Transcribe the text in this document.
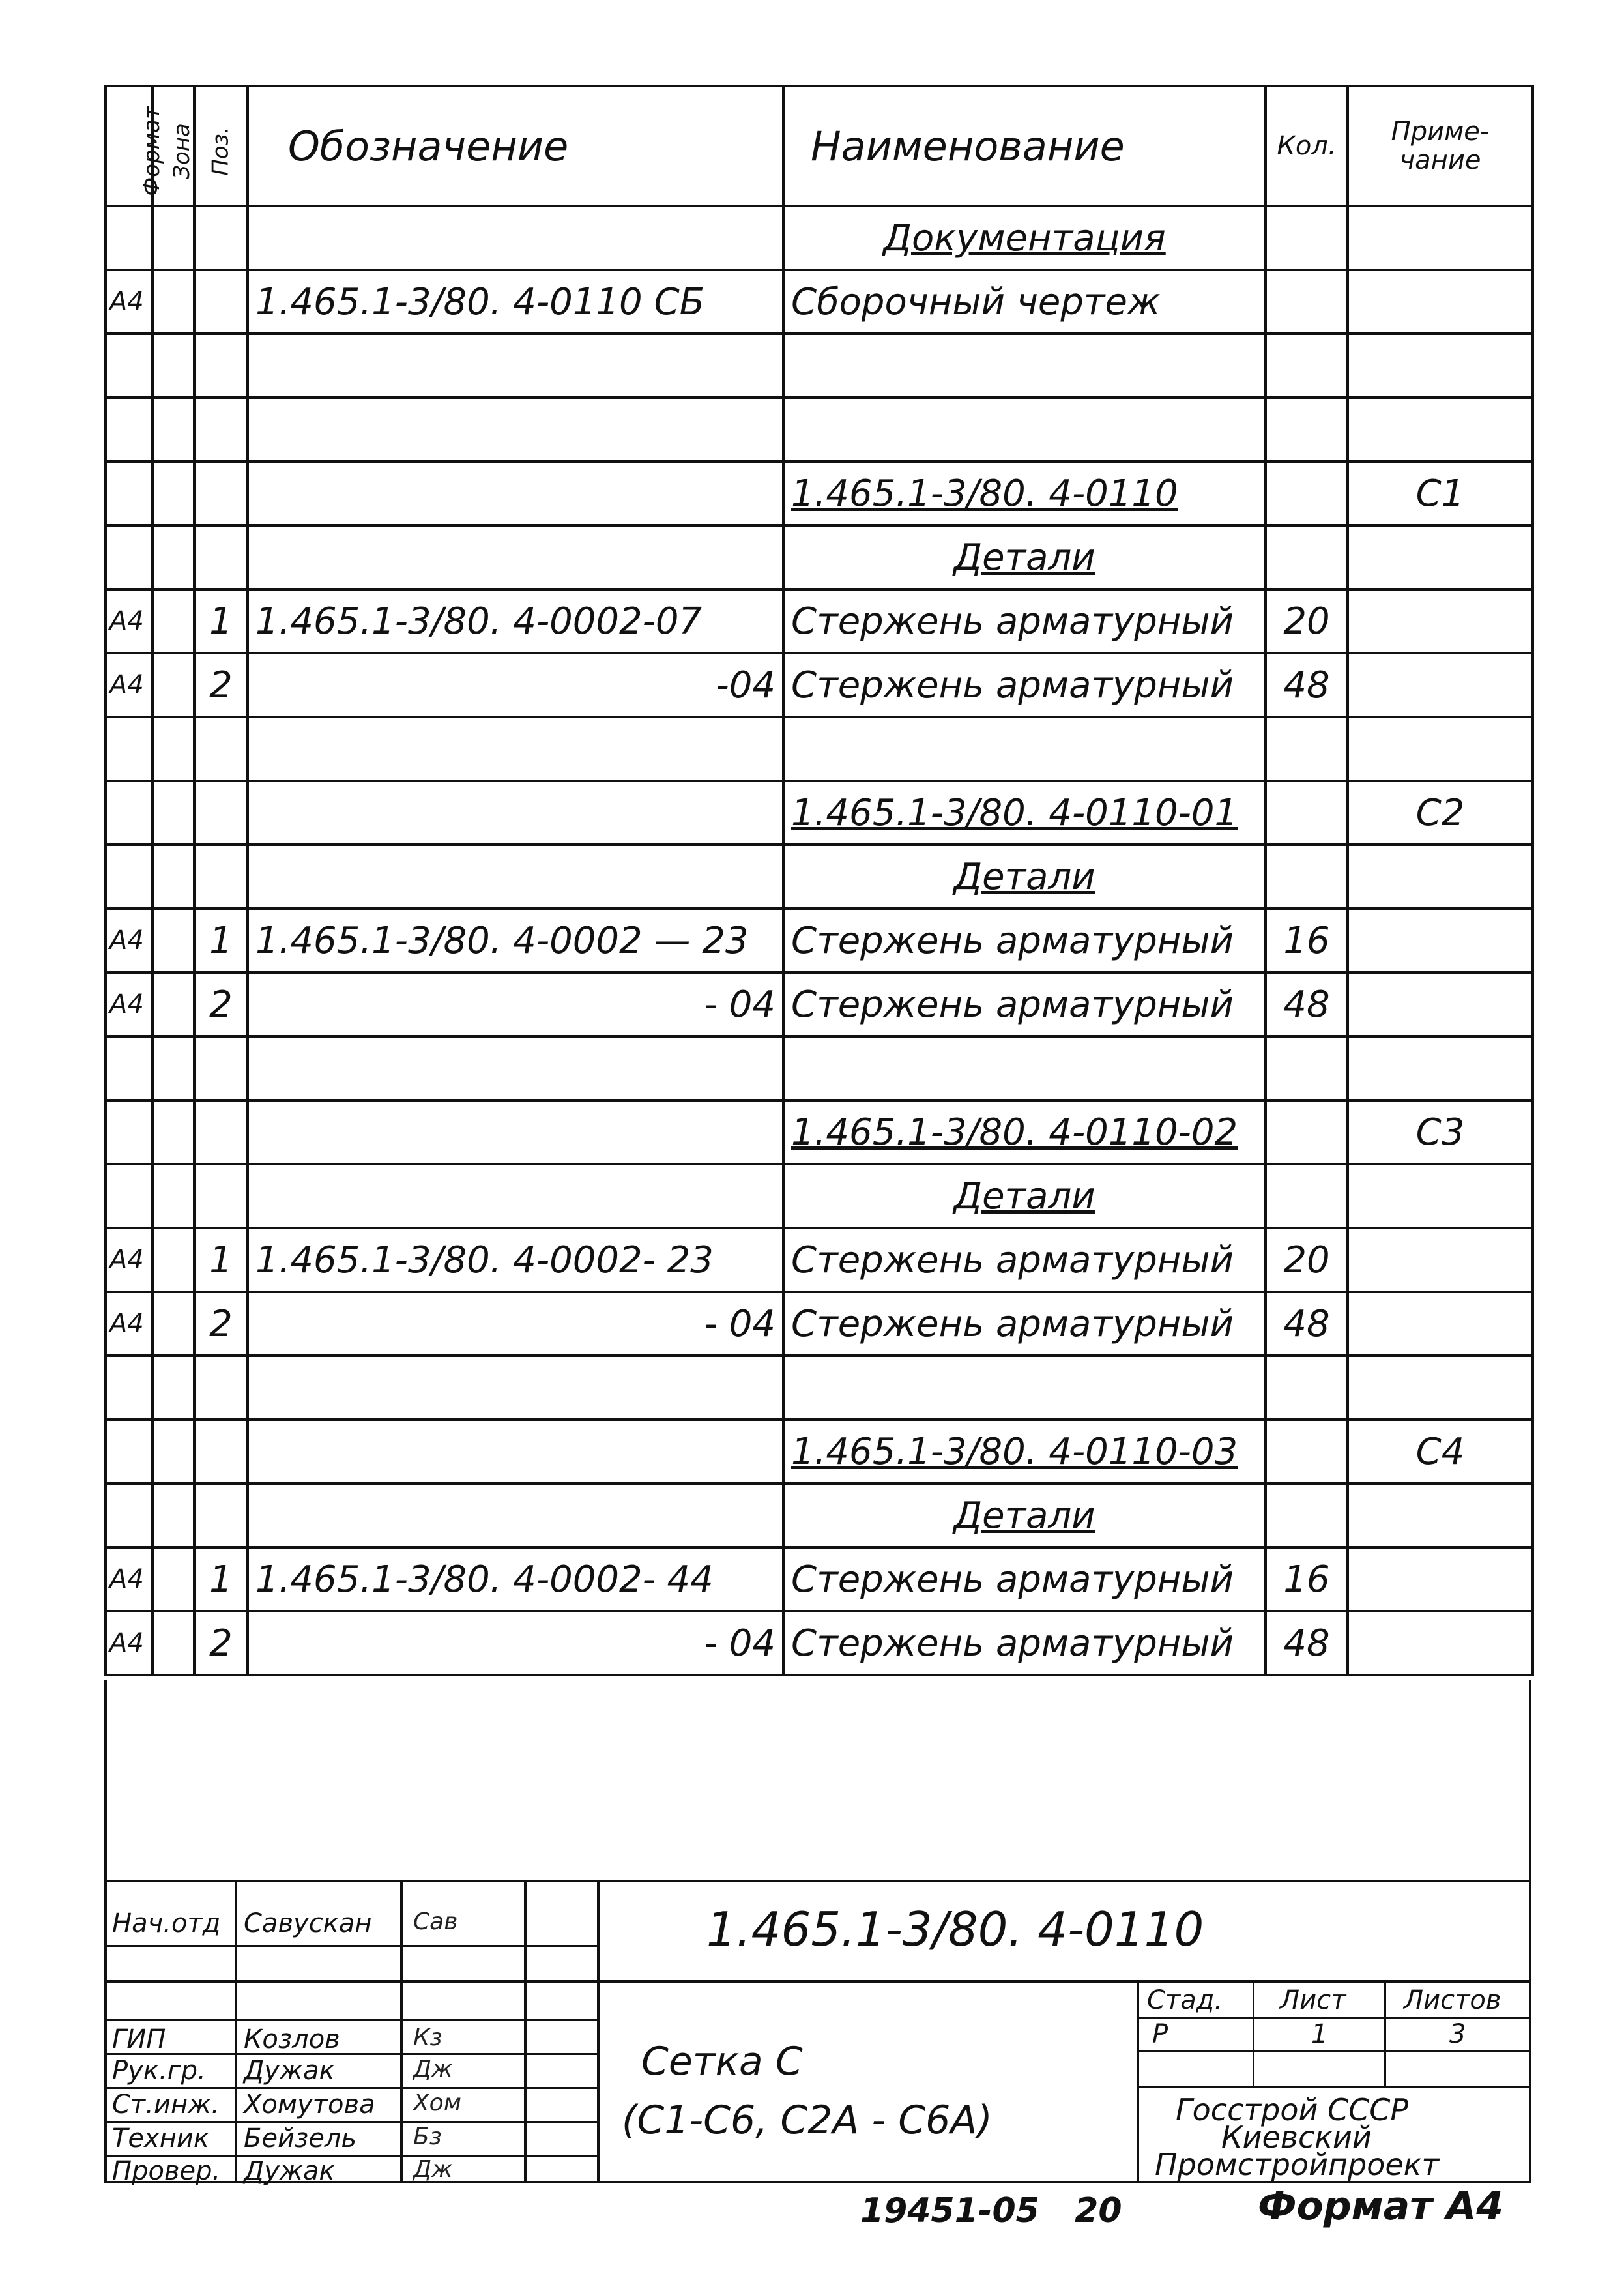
Формат	Зона	Поз.	Обозначение	Наименование	Кол.	Приме-
чание

				Документация		
А4			1.465.1-3/80. 4-0110 СБ	Сборочный чертеж		

				1.465.1-3/80. 4-0110		С1
				Детали		
А4		1	1.465.1-3/80. 4-0002-07	Стержень арматурный	20	
А4		2	-04	Стержень арматурный	48	

				1.465.1-3/80. 4-0110-01		С2
				Детали		
А4		1	1.465.1-3/80. 4-0002 — 23	Стержень арматурный	16	
А4		2	- 04	Стержень арматурный	48	

				1.465.1-3/80. 4-0110-02		С3
				Детали		
А4		1	1.465.1-3/80. 4-0002- 23	Стержень арматурный	20	
А4		2	- 04	Стержень арматурный	48	

				1.465.1-3/80. 4-0110-03		С4
				Детали		
А4		1	1.465.1-3/80. 4-0002- 44	Стержень арматурный	16	
А4		2	- 04	Стержень арматурный	48	
Нач.отд Савускан Сав
ГИП	Козлов	Кз
Рук.гр. Дужак	Дж
Ст.инж. Хомутова Хом
Техник Бейзель Бз
Провер. Дужак	Дж
1.465.1-3/80. 4-0110
Сетка С
(С1-С6, С2А - С6А)
Стад. Лист Листов
Р	1	3
Госстрой СССР
Киевский
Промстройпроект
19451-05 20	Формат А4
